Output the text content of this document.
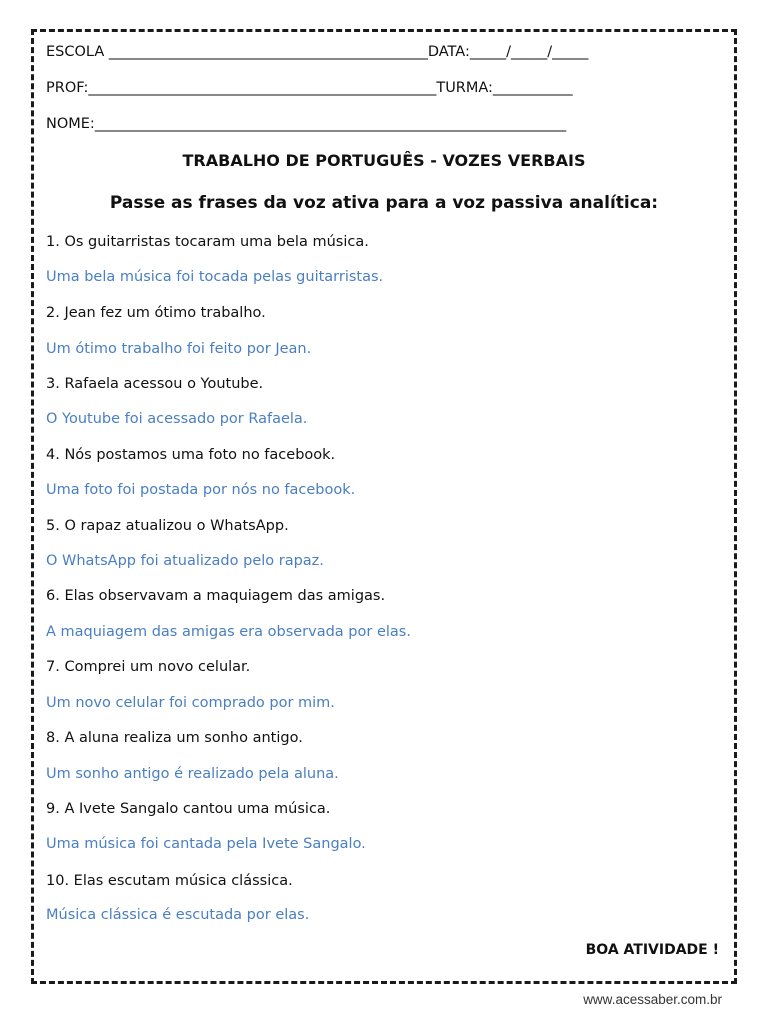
ESCOLA ____________________________________________DATA:_____/_____/_____
PROF:________________________________________________TURMA:___________
NOME:_________________________________________________________________
TRABALHO DE PORTUGUÊS - VOZES VERBAIS
Passe as frases da voz ativa para a voz passiva analítica:
1. Os guitarristas tocaram uma bela música.
Uma bela música foi tocada pelas guitarristas.
2. Jean fez um ótimo trabalho.
Um ótimo trabalho foi feito por Jean.
3. Rafaela acessou o Youtube.
O Youtube foi acessado por Rafaela.
4. Nós postamos uma foto no facebook.
Uma foto foi postada por nós no facebook.
5. O rapaz atualizou o WhatsApp.
O WhatsApp foi atualizado pelo rapaz.
6. Elas observavam a maquiagem das amigas.
A maquiagem das amigas era observada por elas.
7. Comprei um novo celular.
Um novo celular foi comprado por mim.
8. A aluna realiza um sonho antigo.
Um sonho antigo é realizado pela aluna.
9. A Ivete Sangalo cantou uma música.
Uma música foi cantada pela Ivete Sangalo.
10. Elas escutam música clássica.
Música clássica é escutada por elas.
BOA ATIVIDADE !
www.acessaber.com.br
